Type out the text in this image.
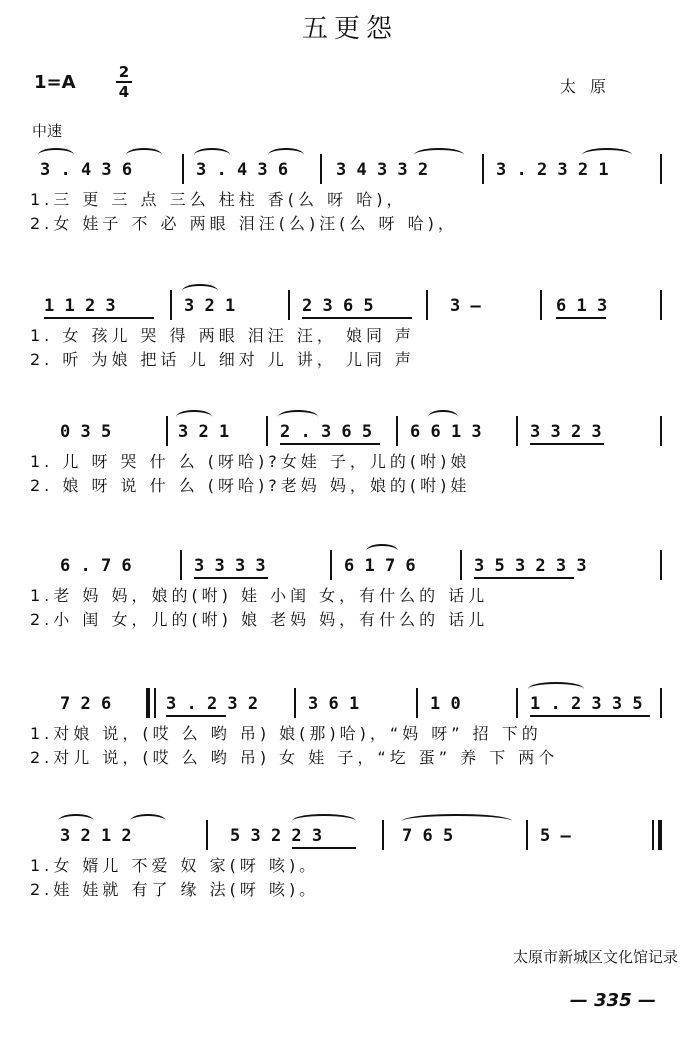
五更怨
1=A	2
4	太原
中速
3 . 4 3 6	3 . 4 3 6	3 4 3 3 2	3 . 2 3 2 1
1.三 更 三 点 三么 柱柱 香(么 呀 哈)，
2.女 娃子 不 必 两眼 泪汪(么)汪(么 呀 哈)，
1 1 2 3	3 2 1	2 3 6 5	3 —	6 1 3
1. 女 孩儿 哭 得 两眼 泪汪 汪， 娘同 声
2. 听 为娘 把话 儿 细对 儿 讲， 儿同 声
0 3 5	3 2 1	2 . 3 6 5 6 6 1 3	3 3 2 3
1. 儿 呀 哭 什 么 (呀哈)?女娃 子，儿的(咐)娘
2. 娘 呀 说 什 么 (呀哈)?老妈 妈，娘的(咐)娃
6 . 7 6	3 3 3 3	6 1 7 6	3 5 3 2 3 3
1.老 妈 妈，娘的(咐) 娃 小闺 女，有什么的 话儿
2.小 闺 女，儿的(咐) 娘 老妈 妈，有什么的 话儿
7 2 6	3 . 2 3 2	3 6 1	1 0	1 . 2 3 3 5
1.对娘 说，(哎 么 哟 吊) 娘(那)哈)，“妈 呀” 招 下的
2.对儿 说，(哎 么 哟 吊) 女 娃 子，“圪 蛋” 养 下 两个
3 2 1 2	5 3 2 2 3	7 6 5	5 —
1.女 婿儿 不爱 奴 家(呀 咳)。
2.娃 娃就 有了 缘 法(呀 咳)。
太原市新城区文化馆记录
— 335 —
